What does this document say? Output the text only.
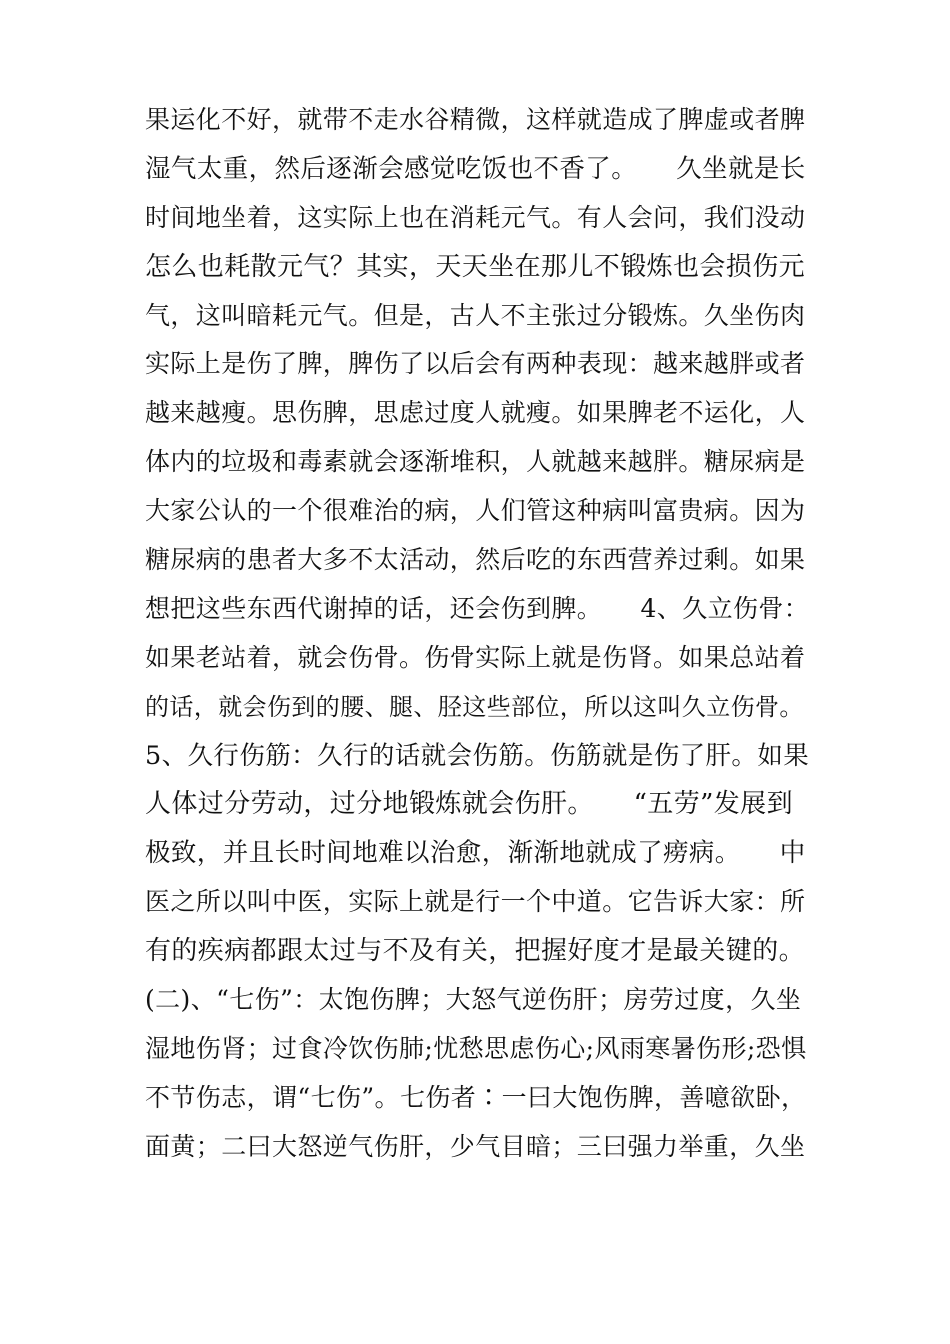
果运化不好，就带不走水谷精微，这样就造成了脾虚或者脾
湿气太重，然后逐渐会感觉吃饭也不香了。　　久坐就是长
时间地坐着，这实际上也在消耗元气。有人会问，我们没动
怎么也耗散元气？其实，天天坐在那儿不锻炼也会损伤元
气，这叫暗耗元气。但是，古人不主张过分锻炼。久坐伤肉
实际上是伤了脾，脾伤了以后会有两种表现：越来越胖或者
越来越瘦。思伤脾，思虑过度人就瘦。如果脾老不运化，人
体内的垃圾和毒素就会逐渐堆积，人就越来越胖。糖尿病是
大家公认的一个很难治的病，人们管这种病叫富贵病。因为
糖尿病的患者大多不太活动，然后吃的东西营养过剩。如果
想把这些东西代谢掉的话，还会伤到脾。　　4、久立伤骨：
如果老站着，就会伤骨。伤骨实际上就是伤肾。如果总站着
的话，就会伤到的腰、腿、胫这些部位，所以这叫久立伤骨。
5、久行伤筋：久行的话就会伤筋。伤筋就是伤了肝。如果
人体过分劳动，过分地锻炼就会伤肝。　　“五劳”发展到
极致，并且长时间地难以治愈，渐渐地就成了痨病。　　中
医之所以叫中医，实际上就是行一个中道。它告诉大家：所
有的疾病都跟太过与不及有关，把握好度才是最关键的。
(二)、“七伤”：太饱伤脾；大怒气逆伤肝；房劳过度，久坐
湿地伤肾；过食冷饮伤肺;忧愁思虑伤心;风雨寒暑伤形;恐惧
不节伤志，谓“七伤”。七伤者∶一曰大饱伤脾，善噫欲卧，
面黄；二曰大怒逆气伤肝，少气目暗；三曰强力举重，久坐
